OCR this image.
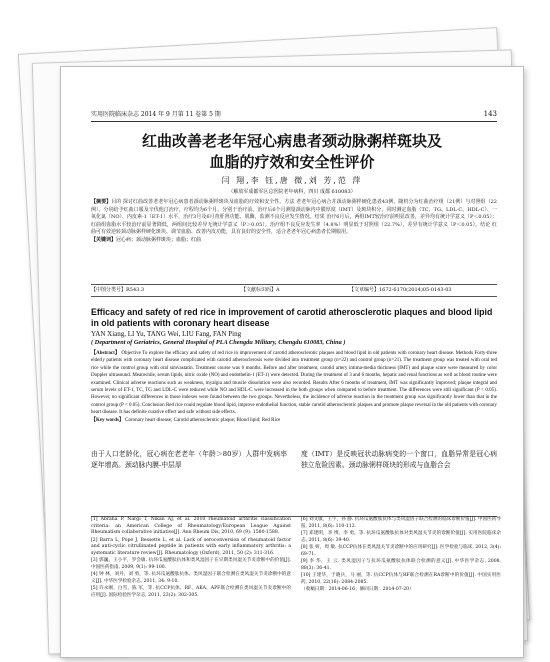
实用医院临床杂志 2014 年 9 月第 11 卷第 5 期	143
红曲改善老老年冠心病患者颈动脉粥样斑块及
血脂的疗效和安全性评价
闫 翔,李 钰,唐 微,刘 芳,范 萍
（解放军成都军区总医院老年病科，四川 成都 610083）
【摘要】目的 探讨红曲改善老老年冠心病患者颈动脉粥样斑块及血脂的疗效和安全性。方法 老老年冠心病合并颈动脉粥样硬化患者43例，随机分为红曲治疗组（21例）与对照组（22例），分别给予红曲口服及辛伐他汀治疗，疗程均为6个月。分别于治疗前、治疗后6个月测量颈动脉内中膜厚度（IMT）及斑块积分，同时测定血脂（TC、TG、LDL-C、HDL-C）、一氧化氮（NO）、内皮素-1（ET-1）水平，治疗3月及6月查肝肾功能、肌酶，监测不良反应发生情况。结果 治疗6月后，两组IMT较治疗前明显改善，差异均有统计学意义（P＜0.05）；红曲组血脂水平较治疗前显著降低，两组间比较差异无统计学意义（P＞0.05）。治疗组不良反应发生率（4.8%）明显低于对照组（22.7%），差异有统计学意义（P＜0.05）。结论 红曲可有效逆转颈动脉粥样硬化斑块、调节血脂、改善内皮功能，具有良好的安全性，适合老老年冠心病患者长期服用。
【关键词】冠心病；颈动脉粥样斑块；血脂；红曲
【中图分类号】R543.3	【文献标识码】A	【文章编号】1672-6170(2014)05-0143-03
Efficacy and safety of red rice in improvement of carotid atherosclerotic plaques and blood lipid in old patients with coronary heart disease
YAN Xiang, LI Yu, TANG Wei, LIU Fang, FAN Ping
( Department of Geriatrics, General Hospital of PLA Chengdu Military, Chengdu 610083, China )
【Abstract】 Objective To explore the efficacy and safety of red rice in improvement of carotid atherosclerotic plaques and blood lipid in old patients with coronary heart disease. Methods Forty-three elderly patients with coronary heart disease complicated with carotid atherosclerosis were divided into treatment group (n=22) and control group (n=21). The treatment group was treated with oral red rice while the control group with oral simvastatin. Treatment course was 6 months. Before and after treatment, carotid artery intima-media thickness (IMT) and plaque score were measured by color Doppler ultrasound. Meanwhile, serum lipids, nitric oxide (NO) and endothelin-1 (ET-1) were detected. During the treatment of 3 and 6 months, hepatic and renal functions as well as blood routine were examined. Clinical adverse reactions such as weakness, myalgia and muscle dissolution were also recorded. Results After 6 months of treatment, IMT was significantly improved; plaque integral and serum levels of ET-1, TC, TG and LDL-C were reduced while NO and HDL-C were increased in the both groups when compared to before treatment. The differences were still significant (P < 0.05). However, no significant differences in those indexes were found between the two groups. Nevertheless, the incidence of adverse reaction in the treatment group was significantly lower than that in the control group (P < 0.05). Conclusion Red rice could regulate blood lipid, improve endothelial function, stable carotid atherosclerotic plaques and promote plaque reversal in the old patients with coronary heart disease. It has definite curative effect and safe without side effects.
【Key words】 Coronary heart disease; Carotid atherosclerotic plaque; Blood lipid; Red Rice
由于人口老龄化，冠心病在老老年（年龄＞80岁）人群中发病率逐年增高。颈动脉内膜-中层厚
度（IMT）是反映冠状动脉病变的一个窗口，血脂异常是冠心病独立危险因素。颈动脉粥样斑块的形成与血脂合会
[1] Abraha P, Nargi T, Nikan AJ, et al. 2010 rheumatoid arthritis classification criteria: an American College of Rheumatology/European League Against Rheumatism collaborative initiative[J]. Ann Rheum Dis, 2010, 69 (9): 1580-1588.
[2] Barra L, Pope J, Bessette L, et al. Lack of seroconversion of rheumatoid factor and anti-cyclic citrullinated peptide in patients with early inflammatory arthritis: a systematic literature review[J]. Rheumatology (Oxford), 2011, 50 (2): 311-316.
[3] 郭巍，王小平，罗会敏. 抗环瓜氨酸肽抗体和类风湿因子在早期类风湿关节炎诊断中的价值[J]. 中国医药指南, 2009, 9(1): 99-100.
[4] 钟 林，刘丹，刘 勇，等. 抗环瓜氨酸肽抗体、类风湿因子联合检测在类风湿关节炎诊断中的意义[J]. 中华医学检验杂志, 2011, 34: 9-10.
[5] 许永刚，白雪，陈 军，等. 抗CCP抗体、RF、AKA、APF联合检测在类风湿关节炎诊断中的应用[J]. 国际检验医学杂志, 2011, 23(2): 302-305.
[6] 刘文敏，王宇，孙 静. 抗环瓜氨酸肽抗体与类风湿因子联合检测的临床诊断价值[J]. 中国医药导报, 2011, 8(6): 110-112.
[7] 邓建明，李 博，李 勇，等. 抗环瓜氨酸肽抗体对类风湿关节炎的诊断价值[J]. 实用医院临床杂志, 2011, 8(6): 39-40.
[8] 张 妍，周 敏. 抗CCP抗体在类风湿关节炎诊断中的应用研究[J]. 医学检验与临床, 2012, 3(4): 69-71.
[9] 李 华，王 云. 类风湿因子与抗环瓜氨酸肽抗体联合检测的意义[J]. 中华医学杂志, 2008, 88(3): 36-41.
[10] 王建华，于晓兵，马 丽，等. 抗CCP抗体与RF联合检测在RA诊断中的价值[J]. 中国实用医药, 2010, 22(16): 2084-2085.
（收稿日期：2014-06-16；修回日期：2014-07-20）
